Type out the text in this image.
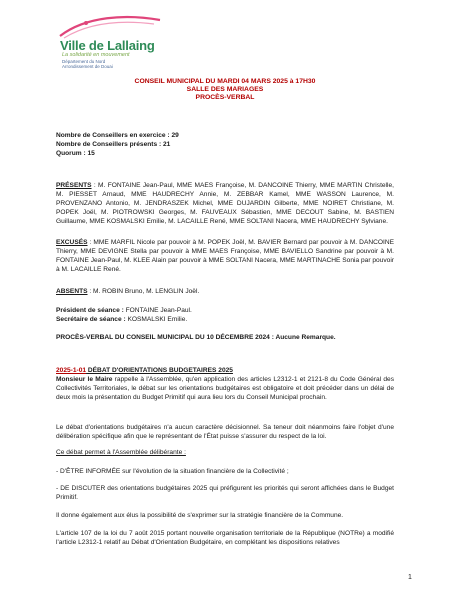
Ville de Lallaing
La solidarité en mouvement
Département du Nord
Arrondissement de Douai
CONSEIL MUNICIPAL DU MARDI 04 MARS 2025 à 17H30
SALLE DES MARIAGES
PROCÈS-VERBAL
Nombre de Conseillers en exercice : 29
Nombre de Conseillers présents : 21
Quorum : 15
PRÉSENTS : M. FONTAINE Jean-Paul, MME MAES Françoise, M. DANCOINE Thierry, MME MARTIN Christelle, M. PIESSET Arnaud, MME HAUDRECHY Annie, M. ZEBBAR Kamel, MME WASSON Laurence, M. PROVENZANO Antonio, M. JENDRASZEK Michel, MME DUJARDIN Gilberte, MME NOIRET Christiane, M. POPEK Joël, M. PIOTROWSKI Georges, M. FAUVEAUX Sébastien, MME DECOUT Sabine, M. BASTIEN Guillaume, MME KOSMALSKI Emilie, M. LACAILLE René, MME SOLTANI Nacera, MME HAUDRECHY Sylviane.
EXCUSÉS : MME MARFIL Nicole par pouvoir à M. POPEK Joël, M. BAVIER Bernard par pouvoir à M. DANCOINE Thierry, MME DEVIGNE Stella par pouvoir à MME MAES Françoise, MME BAVIELLO Sandrine par pouvoir à M. FONTAINE Jean-Paul, M. KLEE Alain par pouvoir à MME SOLTANI Nacera, MME MARTINACHE Sonia par pouvoir à M. LACAILLE René.
ABSENTS : M. ROBIN Bruno, M. LENGLIN Joël.
Président de séance : FONTAINE Jean-Paul.
Secrétaire de séance : KOSMALSKI Emilie.
PROCÈS-VERBAL DU CONSEIL MUNICIPAL DU 10 DÉCEMBRE 2024 : Aucune Remarque.
2025-1-01 DÉBAT D'ORIENTATIONS BUDGETAIRES 2025
Monsieur le Maire rappelle à l'Assemblée, qu'en application des articles L2312-1 et 2121-8 du Code Général des Collectivités Territoriales, le débat sur les orientations budgétaires est obligatoire et doit précéder dans un délai de deux mois la présentation du Budget Primitif qui aura lieu lors du Conseil Municipal prochain.
Le débat d'orientations budgétaires n'a aucun caractère décisionnel. Sa teneur doit néanmoins faire l'objet d'une délibération spécifique afin que le représentant de l'État puisse s'assurer du respect de la loi.
Ce débat permet à l'Assemblée délibérante :
- D'ÊTRE INFORMÉE sur l'évolution de la situation financière de la Collectivité ;
- DE DISCUTER des orientations budgétaires 2025 qui préfigurent les priorités qui seront affichées dans le Budget Primitif.
Il donne également aux élus la possibilité de s'exprimer sur la stratégie financière de la Commune.
L'article 107 de la loi du 7 août 2015 portant nouvelle organisation territoriale de la République (NOTRe) a modifié l'article L2312-1 relatif au Débat d'Orientation Budgétaire, en complétant les dispositions relatives
1
